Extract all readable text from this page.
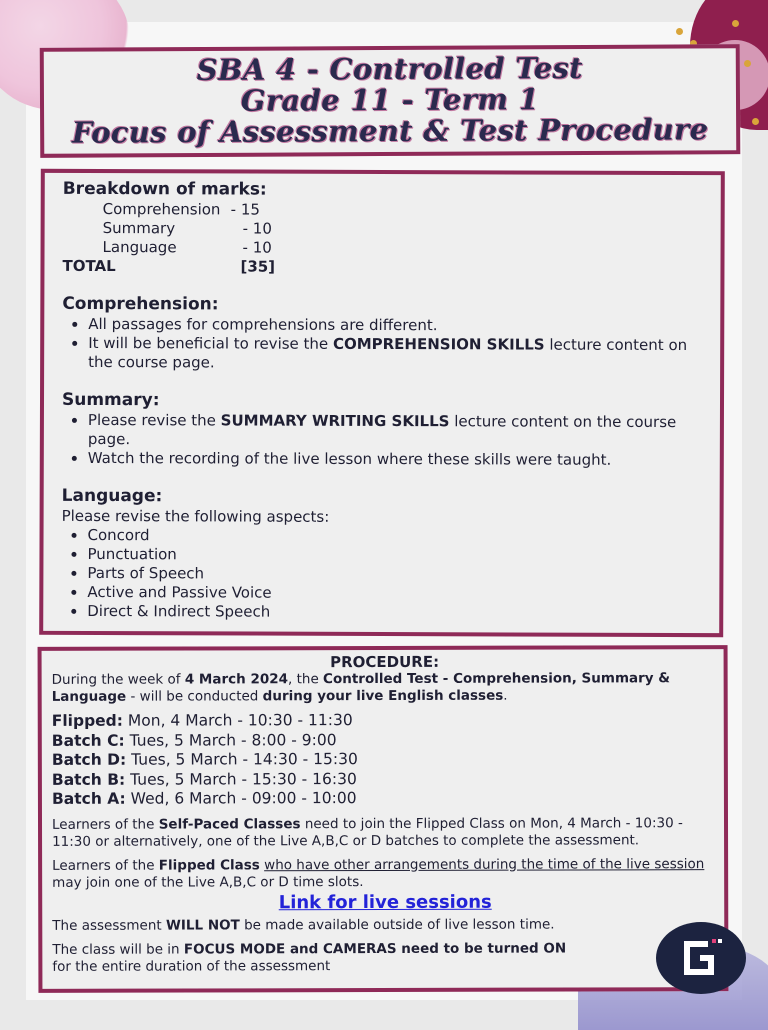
SBA 4 - Controlled Test
Grade 11 - Term 1
Focus of Assessment & Test Procedure
Breakdown of marks:
Comprehension - 15
Summary	- 10
Language	- 10
TOTAL	[35]
Comprehension:
• All passages for comprehensions are different.
• It will be beneficial to revise the COMPREHENSION SKILLS lecture content on the course page.
Summary:
• Please revise the SUMMARY WRITING SKILLS lecture content on the course page.
• Watch the recording of the live lesson where these skills were taught.
Language:
Please revise the following aspects:
• Concord
• Punctuation
• Parts of Speech
• Active and Passive Voice
• Direct & Indirect Speech
PROCEDURE:
During the week of 4 March 2024, the Controlled Test - Comprehension, Summary & Language - will be conducted during your live English classes.
Flipped: Mon, 4 March - 10:30 - 11:30
Batch C: Tues, 5 March - 8:00 - 9:00
Batch D: Tues, 5 March - 14:30 - 15:30
Batch B: Tues, 5 March - 15:30 - 16:30
Batch A: Wed, 6 March - 09:00 - 10:00
Learners of the Self-Paced Classes need to join the Flipped Class on Mon, 4 March - 10:30 - 11:30 or alternatively, one of the Live A,B,C or D batches to complete the assessment.
Learners of the Flipped Class who have other arrangements during the time of the live session may join one of the Live A,B,C or D time slots.
Link for live sessions
The assessment WILL NOT be made available outside of live lesson time.
The class will be in FOCUS MODE and CAMERAS need to be turned ON
for the entire duration of the assessment
